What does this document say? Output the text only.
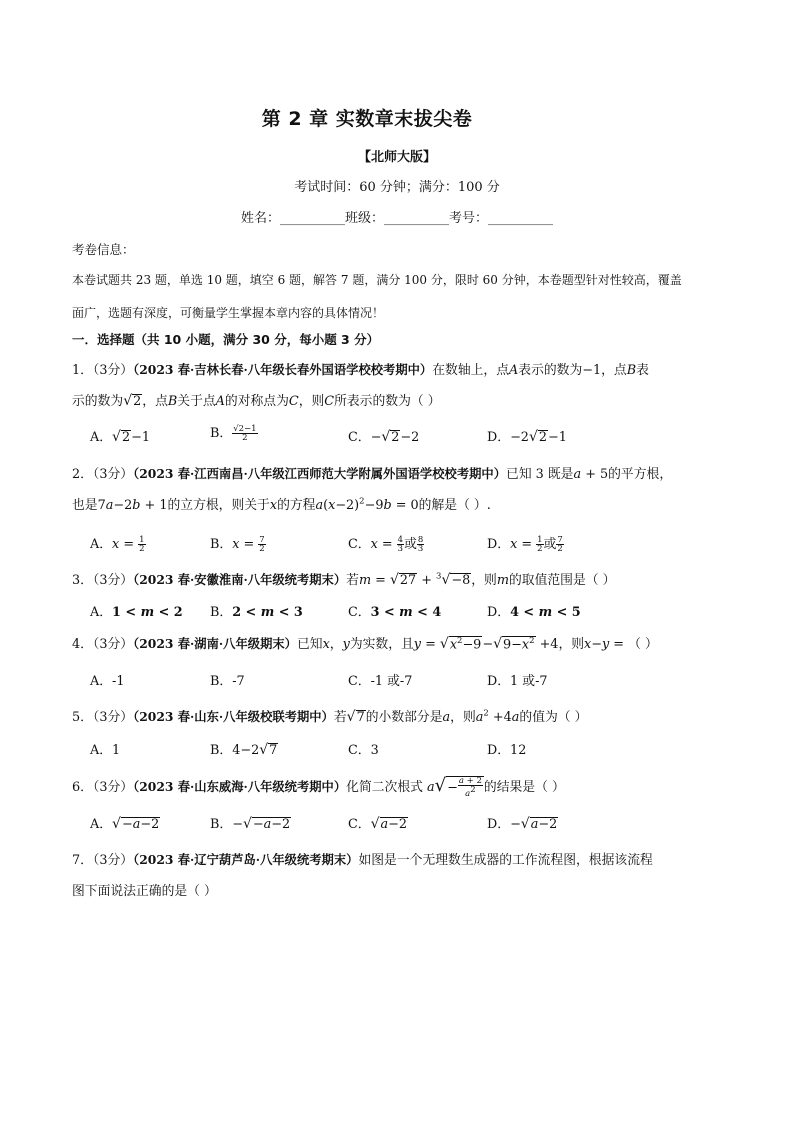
第 2 章 实数章末拔尖卷
【北师大版】
考试时间：60 分钟；满分：100 分
姓名：__________班级：__________考号：__________
考卷信息：
本卷试题共 23 题，单选 10 题，填空 6 题，解答 7 题，满分 100 分，限时 60 分钟，本卷题型针对性较高，覆盖
面广，选题有深度，可衡量学生掌握本章内容的具体情况！
一．选择题（共 10 小题，满分 30 分，每小题 3 分）
1．（3分）（2023 春·吉林长春·八年级长春外国语学校校考期中）在数轴上，点A表示的数为−1，点B表
示的数为√2，点B关于点A的对称点为C，则C所表示的数为（ ）
A．√2−1	B． $\frac{√2-1}{2}$	C．−√2−2	D．−2√2−1
2．（3分）（2023 春·江西南昌·八年级江西师范大学附属外国语学校校考期中）已知 3 既是a + 5的平方根，
也是7a−2b + 1的立方根，则关于x的方程$a(x-2)^2-9b = 0$的解是（ ）.
A．$x = \frac{1}{2}$	B．$x = \frac{7}{2}$	C．$x = \frac{4}{3}$ 或 $\frac{8}{3}$	D．$x = \frac{1}{2}$ 或 $\frac{7}{2}$
3．（3分）（2023 春·安徽淮南·八年级统考期末）若m = √27 + $^3$√−8，则m的取值范围是（ ）
A．1 < m < 2 B．2 < m < 3	C．3 < m < 4	D．4 < m < 5
4．（3分）（2023 春·湖南·八年级期末）已知x，y为实数，且$y = √x^2-9-√9-x^2 +4$，则x−y = （ ）
A．-1	B．-7	C．-1 或-7	D．1 或-7
5．（3分）（2023 春·山东·八年级校联考期中）若√7的小数部分是a，则$a^2 +4a$的值为（ ）
A．1	B．4−2√7	C．3	D．12
6．（3分）（2023 春·山东威海·八年级统考期中）化简二次根式 $a√- \frac{a + 2}{a^2}$ 的结果是（ ）
A．√−a−2	B．−√−a−2	C．√a−2	D．−√a−2
7．（3分）（2023 春·辽宁葫芦岛·八年级统考期末）如图是一个无理数生成器的工作流程图，根据该流程
图下面说法正确的是（ ）
